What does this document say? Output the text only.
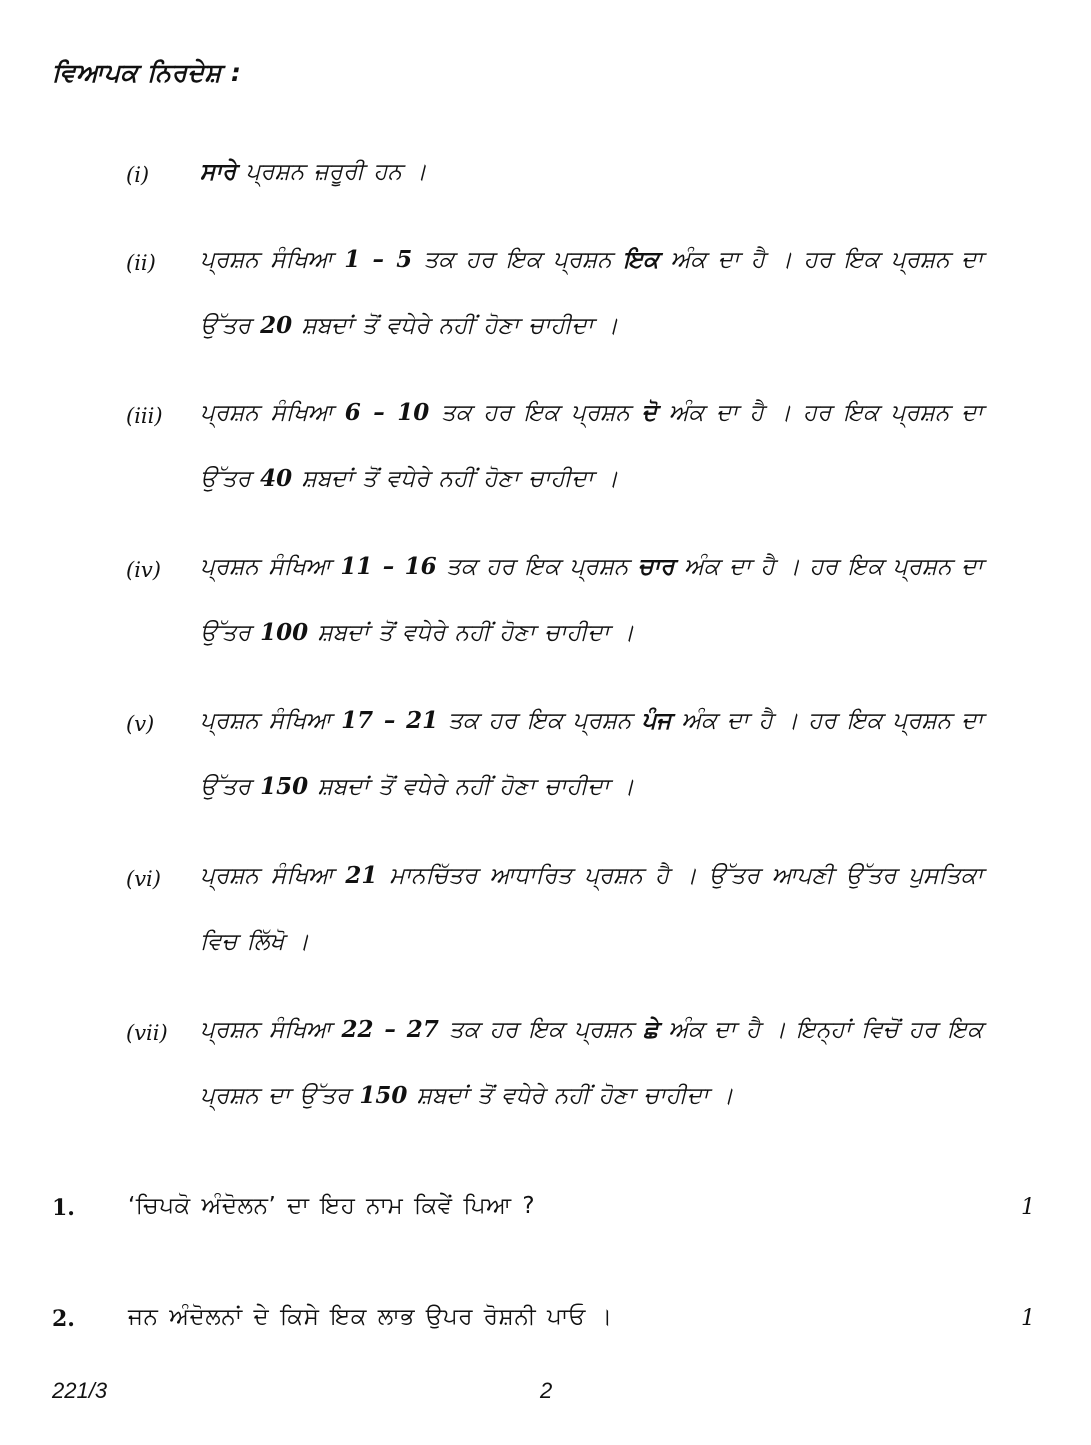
ਵਿਆਪਕ ਨਿਰਦੇਸ਼ :
(i) ਸਾਰੇ ਪ੍ਰਸ਼ਨ ਜ਼ਰੂਰੀ ਹਨ ।

(ii) ਪ੍ਰਸ਼ਨ ਸੰਖਿਆ 1 – 5 ਤਕ ਹਰ ਇਕ ਪ੍ਰਸ਼ਨ ਇਕ ਅੰਕ ਦਾ ਹੈ । ਹਰ ਇਕ ਪ੍ਰਸ਼ਨ ਦਾ ਉੱਤਰ 20 ਸ਼ਬਦਾਂ ਤੋਂ ਵਧੇਰੇ ਨਹੀਂ ਹੋਣਾ ਚਾਹੀਦਾ ।

(iii) ਪ੍ਰਸ਼ਨ ਸੰਖਿਆ 6 – 10 ਤਕ ਹਰ ਇਕ ਪ੍ਰਸ਼ਨ ਦੋ ਅੰਕ ਦਾ ਹੈ । ਹਰ ਇਕ ਪ੍ਰਸ਼ਨ ਦਾ ਉੱਤਰ 40 ਸ਼ਬਦਾਂ ਤੋਂ ਵਧੇਰੇ ਨਹੀਂ ਹੋਣਾ ਚਾਹੀਦਾ ।

(iv) ਪ੍ਰਸ਼ਨ ਸੰਖਿਆ 11 – 16 ਤਕ ਹਰ ਇਕ ਪ੍ਰਸ਼ਨ ਚਾਰ ਅੰਕ ਦਾ ਹੈ । ਹਰ ਇਕ ਪ੍ਰਸ਼ਨ ਦਾ ਉੱਤਰ 100 ਸ਼ਬਦਾਂ ਤੋਂ ਵਧੇਰੇ ਨਹੀਂ ਹੋਣਾ ਚਾਹੀਦਾ ।

(v) ਪ੍ਰਸ਼ਨ ਸੰਖਿਆ 17 – 21 ਤਕ ਹਰ ਇਕ ਪ੍ਰਸ਼ਨ ਪੰਜ ਅੰਕ ਦਾ ਹੈ । ਹਰ ਇਕ ਪ੍ਰਸ਼ਨ ਦਾ ਉੱਤਰ 150 ਸ਼ਬਦਾਂ ਤੋਂ ਵਧੇਰੇ ਨਹੀਂ ਹੋਣਾ ਚਾਹੀਦਾ ।

(vi) ਪ੍ਰਸ਼ਨ ਸੰਖਿਆ 21 ਮਾਨਚਿੱਤਰ ਆਧਾਰਿਤ ਪ੍ਰਸ਼ਨ ਹੈ । ਉੱਤਰ ਆਪਣੀ ਉੱਤਰ ਪੁਸਤਿਕਾ ਵਿਚ ਲਿੱਖੋ ।

(vii) ਪ੍ਰਸ਼ਨ ਸੰਖਿਆ 22 – 27 ਤਕ ਹਰ ਇਕ ਪ੍ਰਸ਼ਨ ਛੇ ਅੰਕ ਦਾ ਹੈ । ਇਨ੍ਹਾਂ ਵਿਚੋਂ ਹਰ ਇਕ ਪ੍ਰਸ਼ਨ ਦਾ ਉੱਤਰ 150 ਸ਼ਬਦਾਂ ਤੋਂ ਵਧੇਰੇ ਨਹੀਂ ਹੋਣਾ ਚਾਹੀਦਾ ।

1. ‘ਚਿਪਕੋ ਅੰਦੋਲਨ’ ਦਾ ਇਹ ਨਾਮ ਕਿਵੇਂ ਪਿਆ ?	1
2. ਜਨ ਅੰਦੋਲਨਾਂ ਦੇ ਕਿਸੇ ਇਕ ਲਾਭ ਉਪਰ ਰੋਸ਼ਨੀ ਪਾਓ ।	1
221/3	2
